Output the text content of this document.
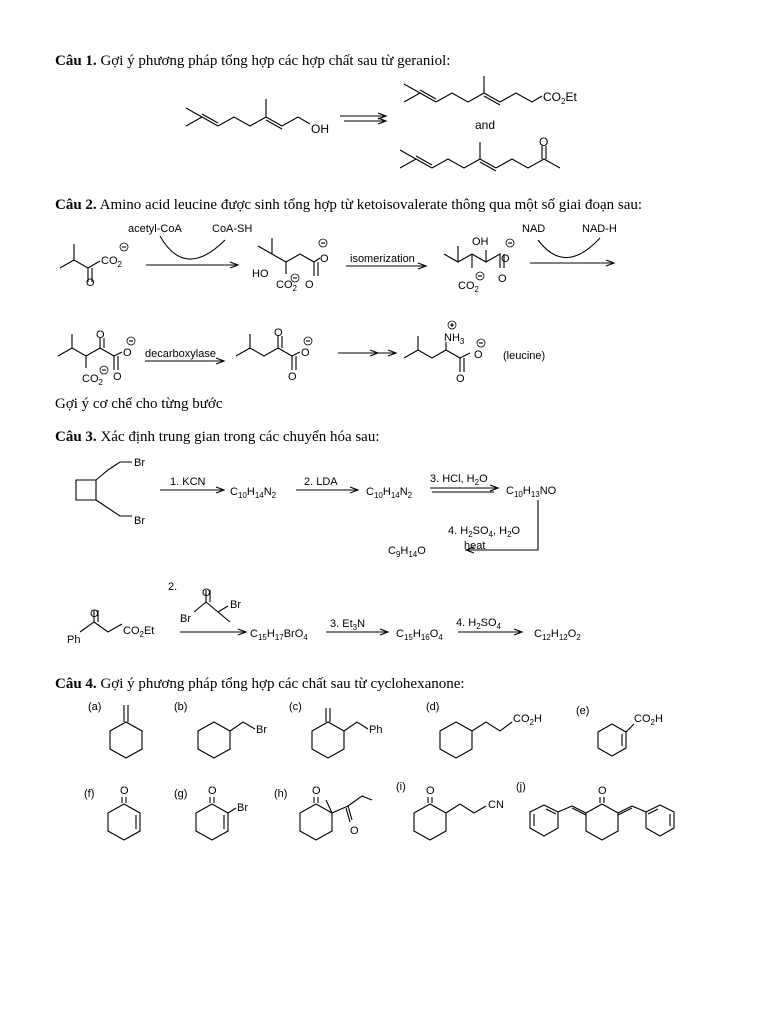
Câu 1. Gợi ý phương pháp tổng hợp các hợp chất sau từ geraniol:
OH
$CO_2Et$
and
O
Câu 2. Amino acid leucine được sinh tổng hợp từ ketoisovalerate thông qua một số giai đoạn sau:
$CO_2$
O
acetyl-CoA	CoA-SH
HO
$CO_2$
O
O
isomerization
OH
$CO_2$
O
O
NAD	NAD-H
O
O
$CO_2$ O
decarboxylase
O
O
O
$NH_3$
O
O
(leucine)
Gợi ý cơ chế cho từng bước
Câu 3. Xác định trung gian trong các chuyển hóa sau:
Br
Br
1. KCN
$C_{10}H_{14}N_2$
2. LDA
$C_{10}H_{14}N_2$
3. HCl, $H_2O$
$C_{10}H_{13}NO$
4. $H_2SO_4$, $H_2O$
heat
$C_9H_{14}O$
O
Ph
$CO_2Et$
2. O
Br
Br
$C_{15}H_{17}BrO_4$
3. $Et_3N$
$C_{15}H_{16}O_4$
4. $H_2SO_4$
$C_{12}H_{12}O_2$
Câu 4. Gợi ý phương pháp tổng hợp các chất sau từ cyclohexanone:
(a)	(b)
Br
(c)
Ph
(d)
$CO_2H$
(e)
$CO_2H$
(f) O	(g) O
Br
(h) O
O
(i) O
CN
O
(j)
